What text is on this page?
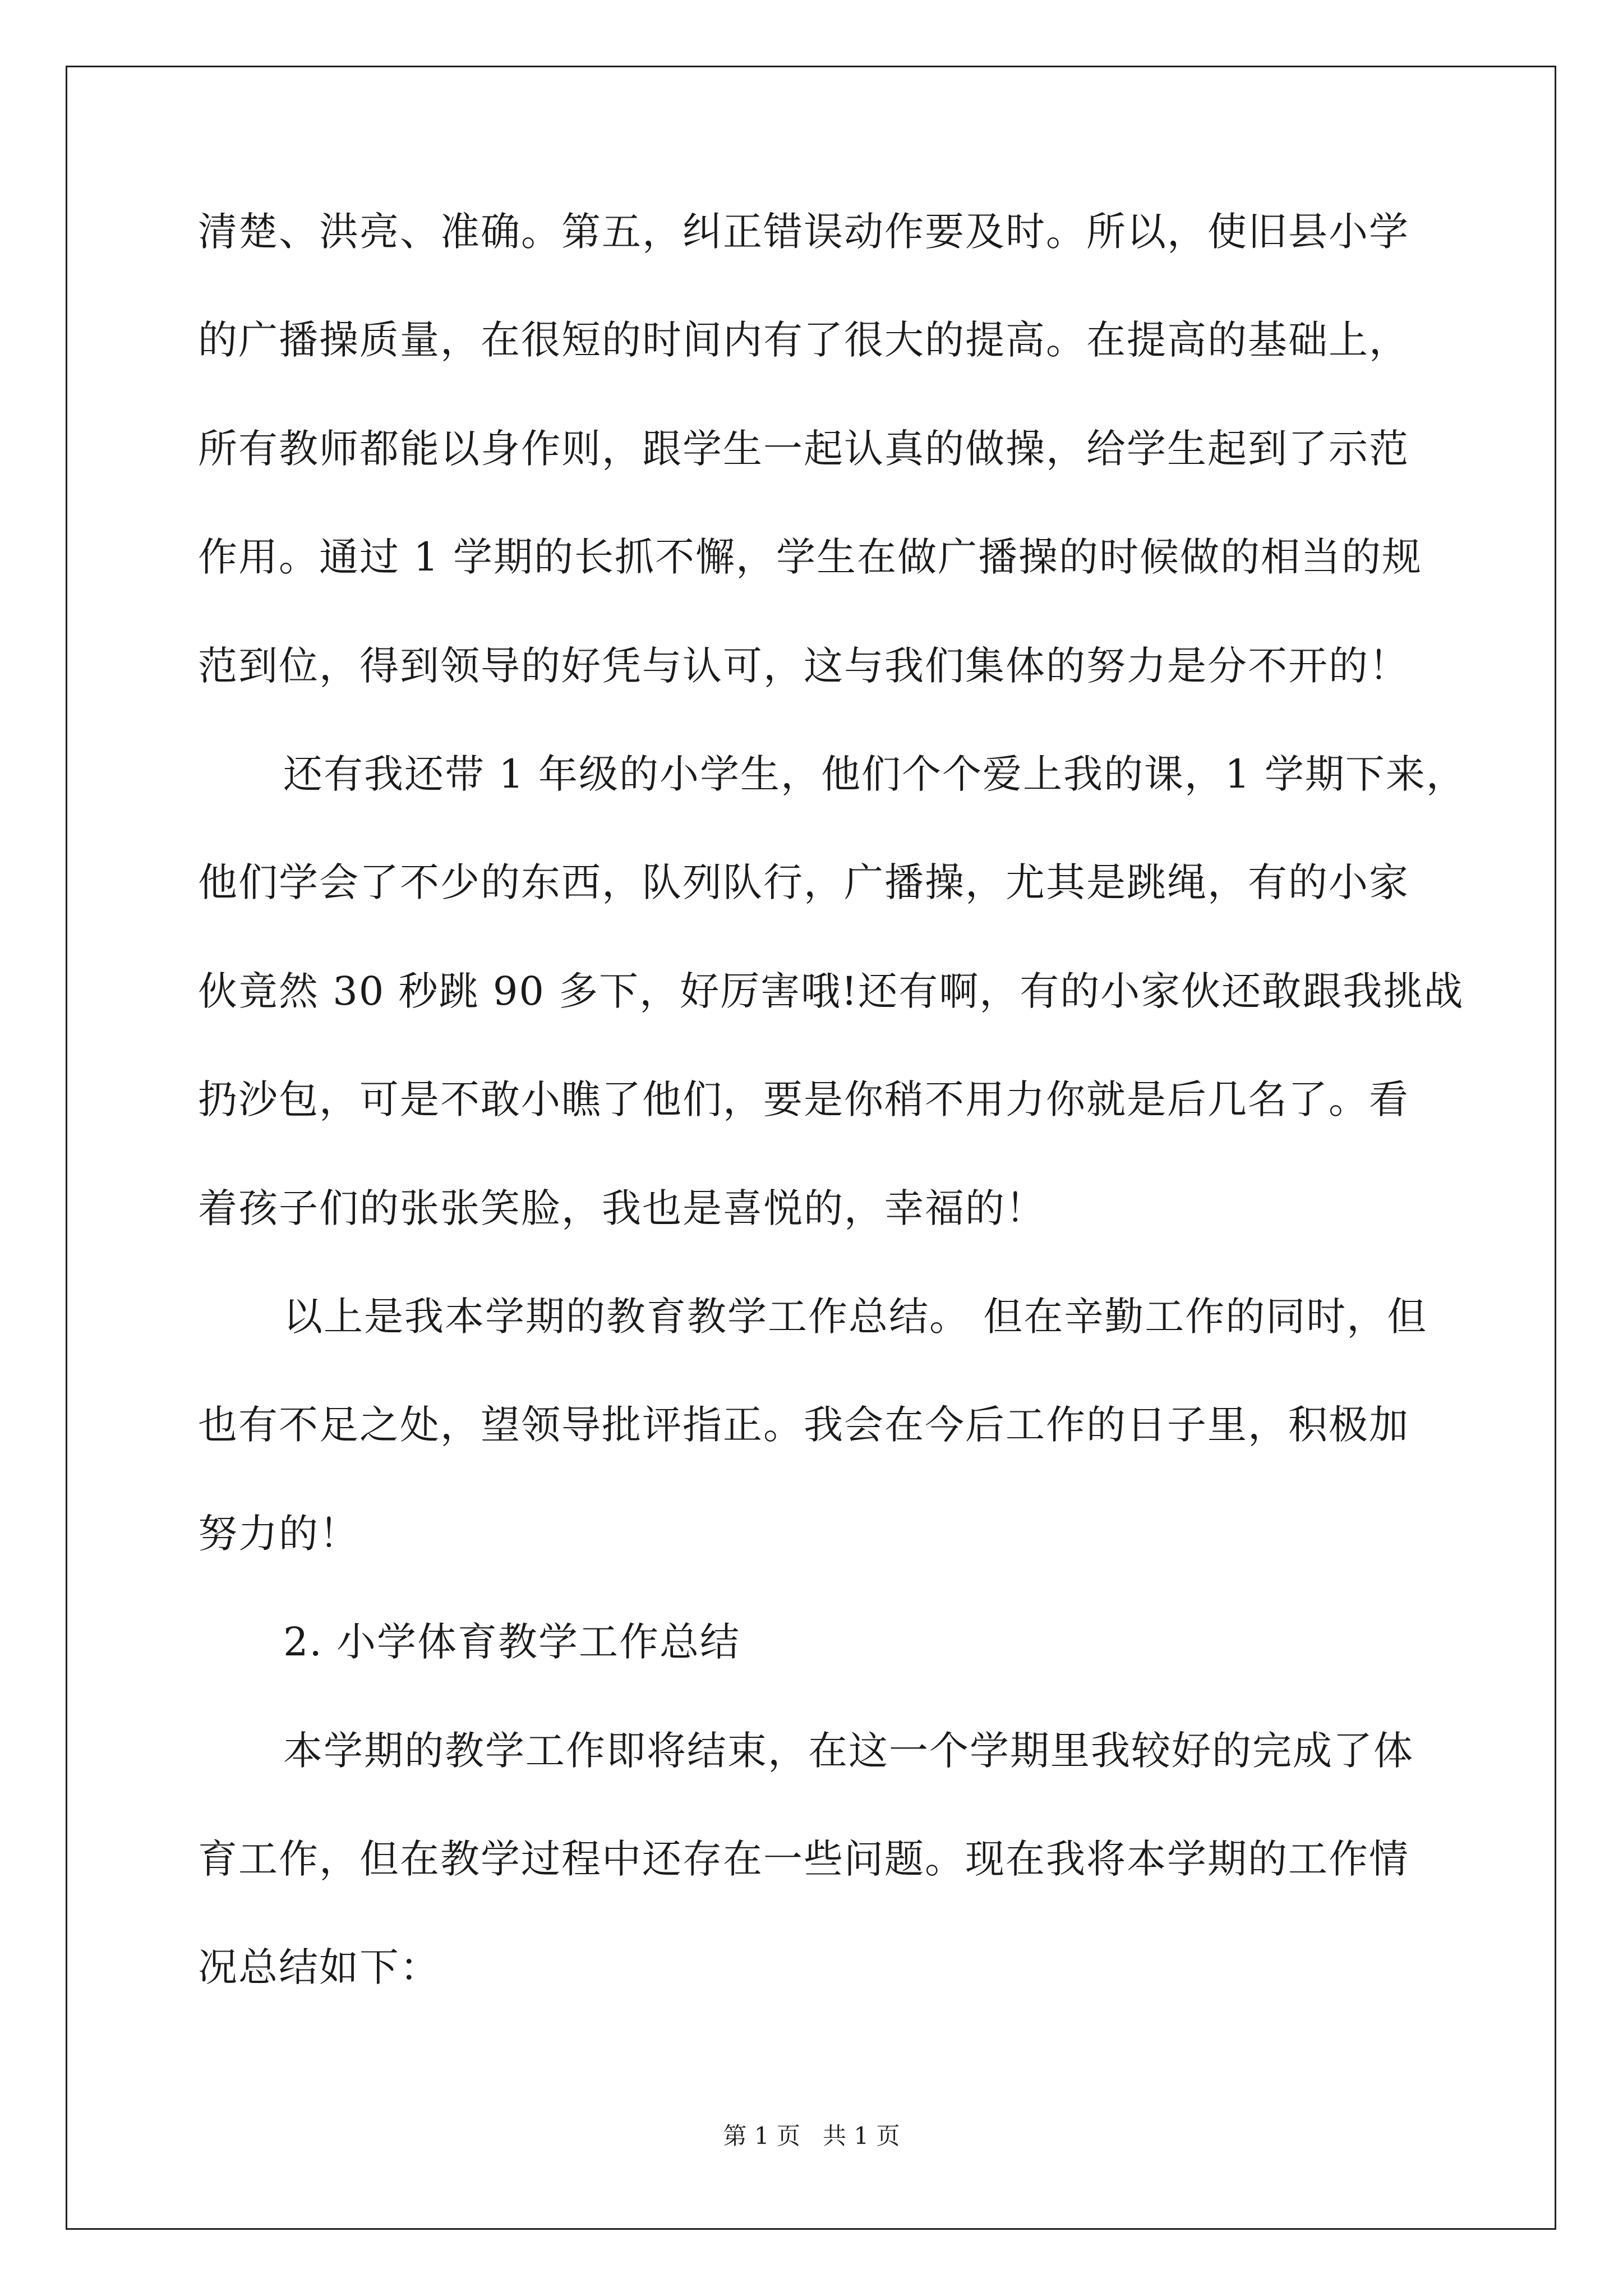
清楚、洪亮、准确。第五，纠正错误动作要及时。所以，使旧县小学
的广播操质量，在很短的时间内有了很大的提高。在提高的基础上，
所有教师都能以身作则，跟学生一起认真的做操，给学生起到了示范
作用。通过 1 学期的长抓不懈，学生在做广播操的时候做的相当的规
范到位，得到领导的好凭与认可，这与我们集体的努力是分不开的！
还有我还带 1 年级的小学生，他们个个爱上我的课，1 学期下来，
他们学会了不少的东西，队列队行，广播操，尤其是跳绳，有的小家
伙竟然 30 秒跳 90 多下，好厉害哦!还有啊，有的小家伙还敢跟我挑战
扔沙包，可是不敢小瞧了他们，要是你稍不用力你就是后几名了。看
着孩子们的张张笑脸，我也是喜悦的，幸福的！
以上是我本学期的教育教学工作总结。 但在辛勤工作的同时，但
也有不足之处，望领导批评指正。我会在今后工作的日子里，积极加
努力的！
2. 小学体育教学工作总结
本学期的教学工作即将结束，在这一个学期里我较好的完成了体
育工作，但在教学过程中还存在一些问题。现在我将本学期的工作情
况总结如下：
第 1 页   共 1 页
